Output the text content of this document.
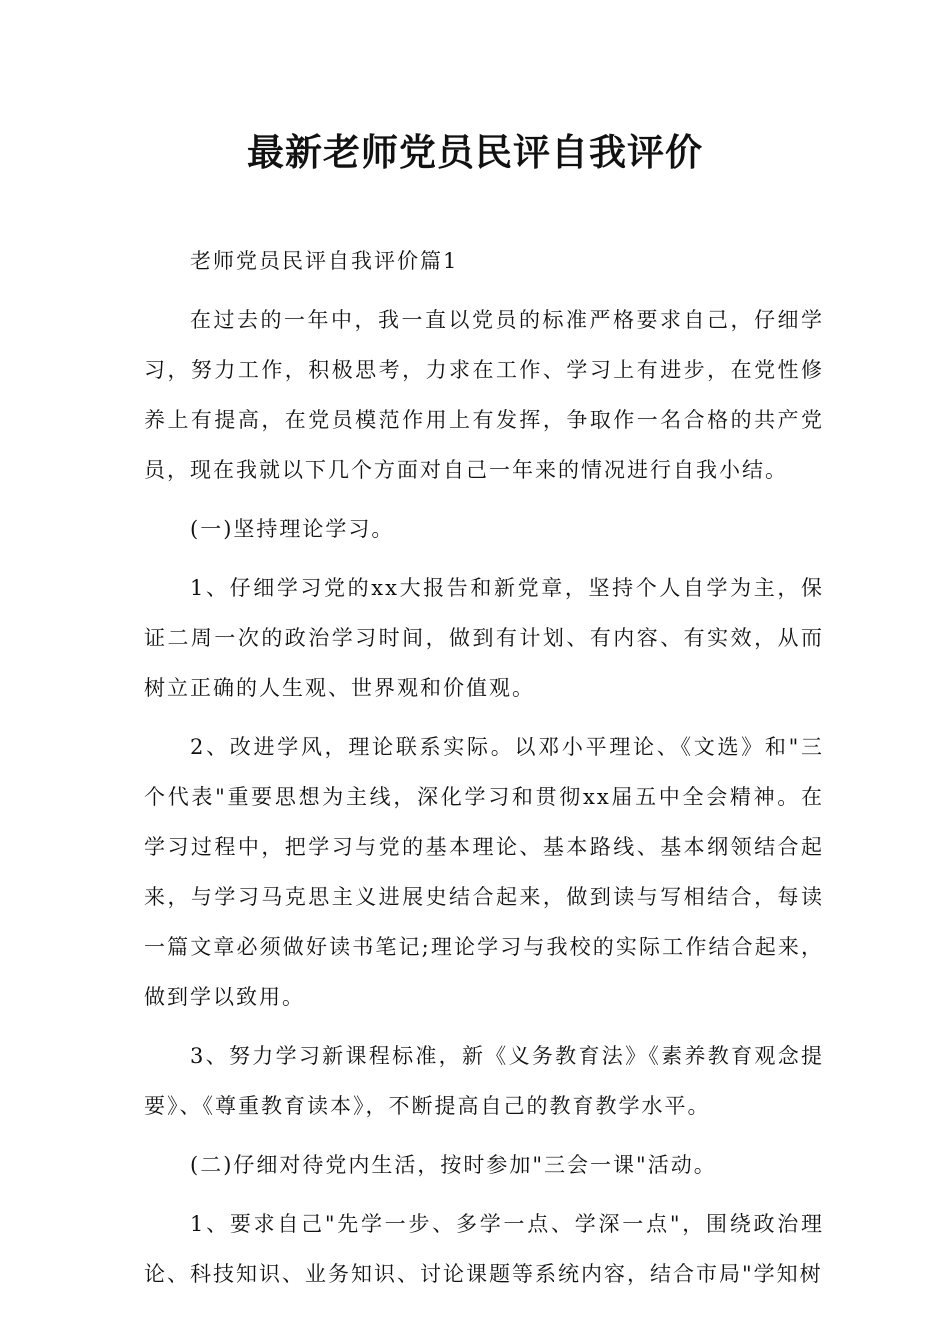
最新老师党员民评自我评价

老师党员民评自我评价篇1

在过去的一年中，我一直以党员的标准严格要求自己，仔细学习，努力工作，积极思考，力求在工作、学习上有进步，在党性修养上有提高，在党员模范作用上有发挥，争取作一名合格的共产党员，现在我就以下几个方面对自己一年来的情况进行自我小结。

(一)坚持理论学习。

1、仔细学习党的xx大报告和新党章，坚持个人自学为主，保证二周一次的政治学习时间，做到有计划、有内容、有实效，从而树立正确的人生观、世界观和价值观。

2、改进学风，理论联系实际。以邓小平理论、《文选》和"三个代表"重要思想为主线，深化学习和贯彻xx届五中全会精神。在学习过程中，把学习与党的基本理论、基本路线、基本纲领结合起来，与学习马克思主义进展史结合起来，做到读与写相结合，每读一篇文章必须做好读书笔记;理论学习与我校的实际工作结合起来，做到学以致用。

3、努力学习新课程标准，新《义务教育法》《素养教育观念提要》、《尊重教育读本》，不断提高自己的教育教学水平。

(二)仔细对待党内生活，按时参加"三会一课"活动。

1、要求自己"先学一步、多学一点、学深一点"，围绕政治理论、科技知识、业务知识、讨论课题等系统内容，结合市局"学知树
